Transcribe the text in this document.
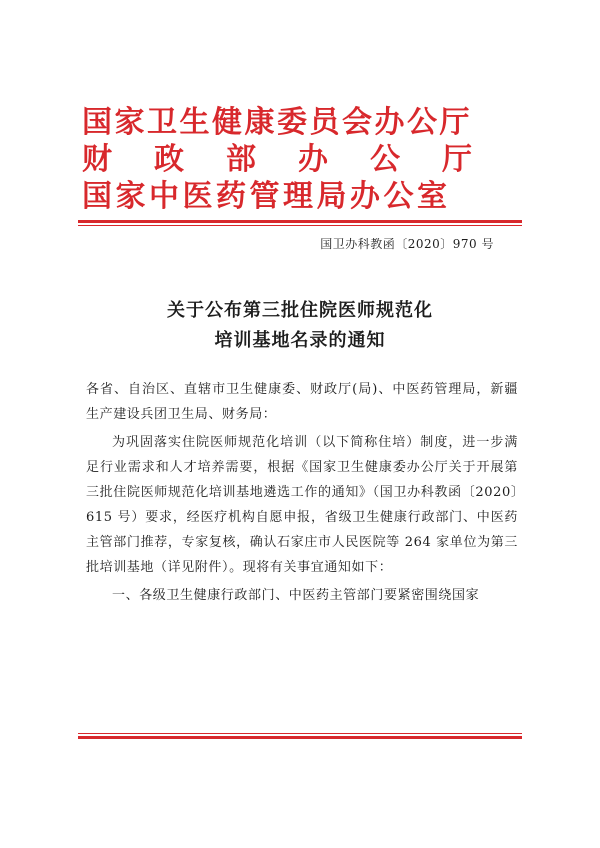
国家卫生健康委员会办公厅
财政部办公厅
国家中医药管理局办公室
国卫办科教函〔2020〕970 号
关于公布第三批住院医师规范化
培训基地名录的通知

各省、自治区、直辖市卫生健康委、财政厅(局)、中医药管理局，新疆生产建设兵团卫生局、财务局：

为巩固落实住院医师规范化培训（以下简称住培）制度，进一步满足行业需求和人才培养需要，根据《国家卫生健康委办公厅关于开展第三批住院医师规范化培训基地遴选工作的通知》（国卫办科教函〔2020〕615 号）要求，经医疗机构自愿申报，省级卫生健康行政部门、中医药主管部门推荐，专家复核，确认石家庄市人民医院等 264 家单位为第三批培训基地（详见附件）。现将有关事宜通知如下：

一、各级卫生健康行政部门、中医药主管部门要紧密围绕国家
